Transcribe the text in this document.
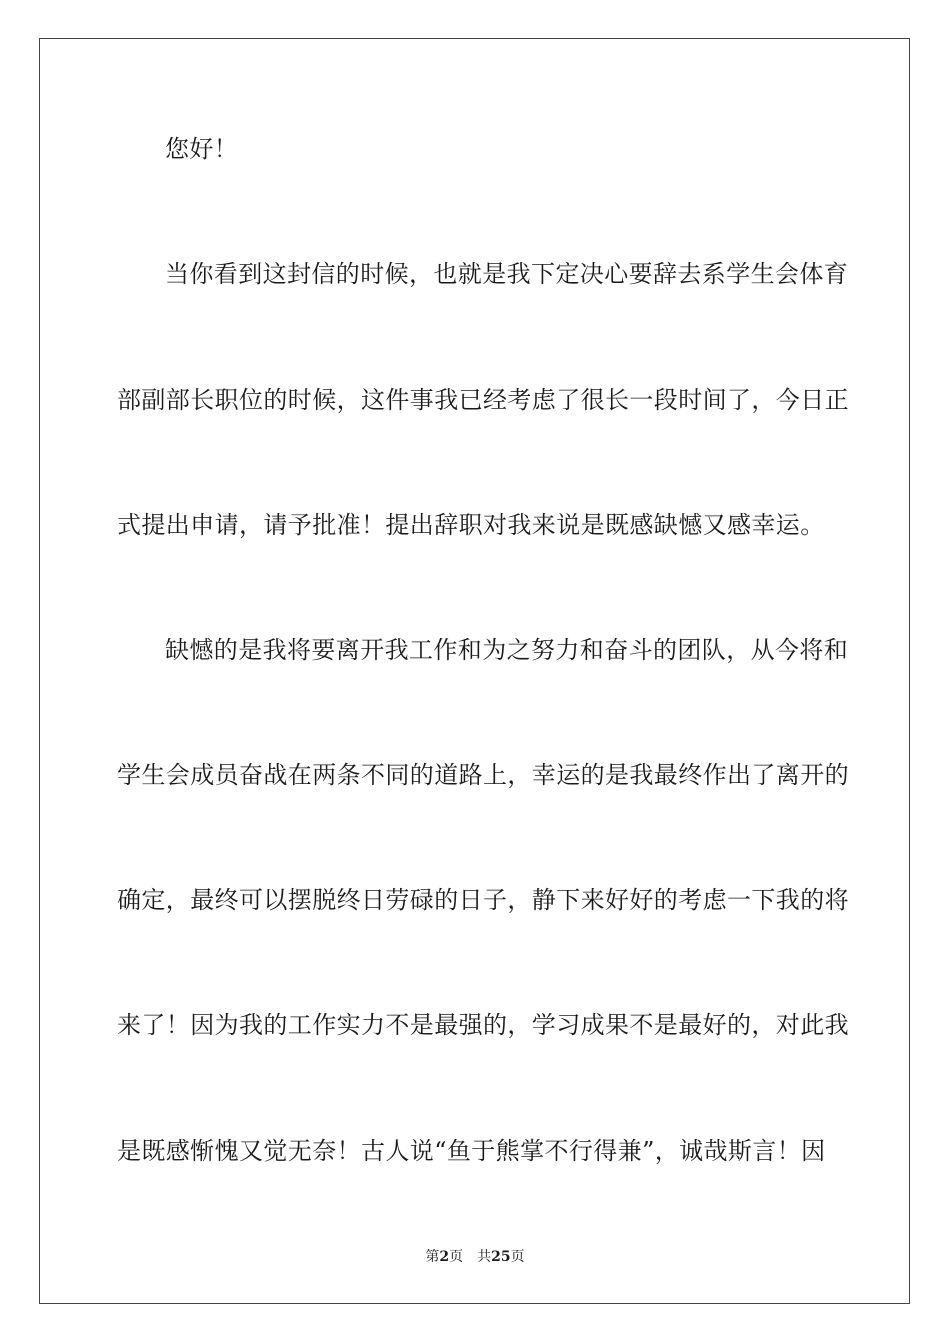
您好！
当你看到这封信的时候，也就是我下定决心要辞去系学生会体育
部副部长职位的时候，这件事我已经考虑了很长一段时间了，今日正
式提出申请，请予批准！提出辞职对我来说是既感缺憾又感幸运。
缺憾的是我将要离开我工作和为之努力和奋斗的团队，从今将和
学生会成员奋战在两条不同的道路上，幸运的是我最终作出了离开的
确定，最终可以摆脱终日劳碌的日子，静下来好好的考虑一下我的将
来了！因为我的工作实力不是最强的，学习成果不是最好的，对此我
是既感惭愧又觉无奈！古人说“鱼于熊掌不行得兼”，诚哉斯言！因
第2页　共25页
